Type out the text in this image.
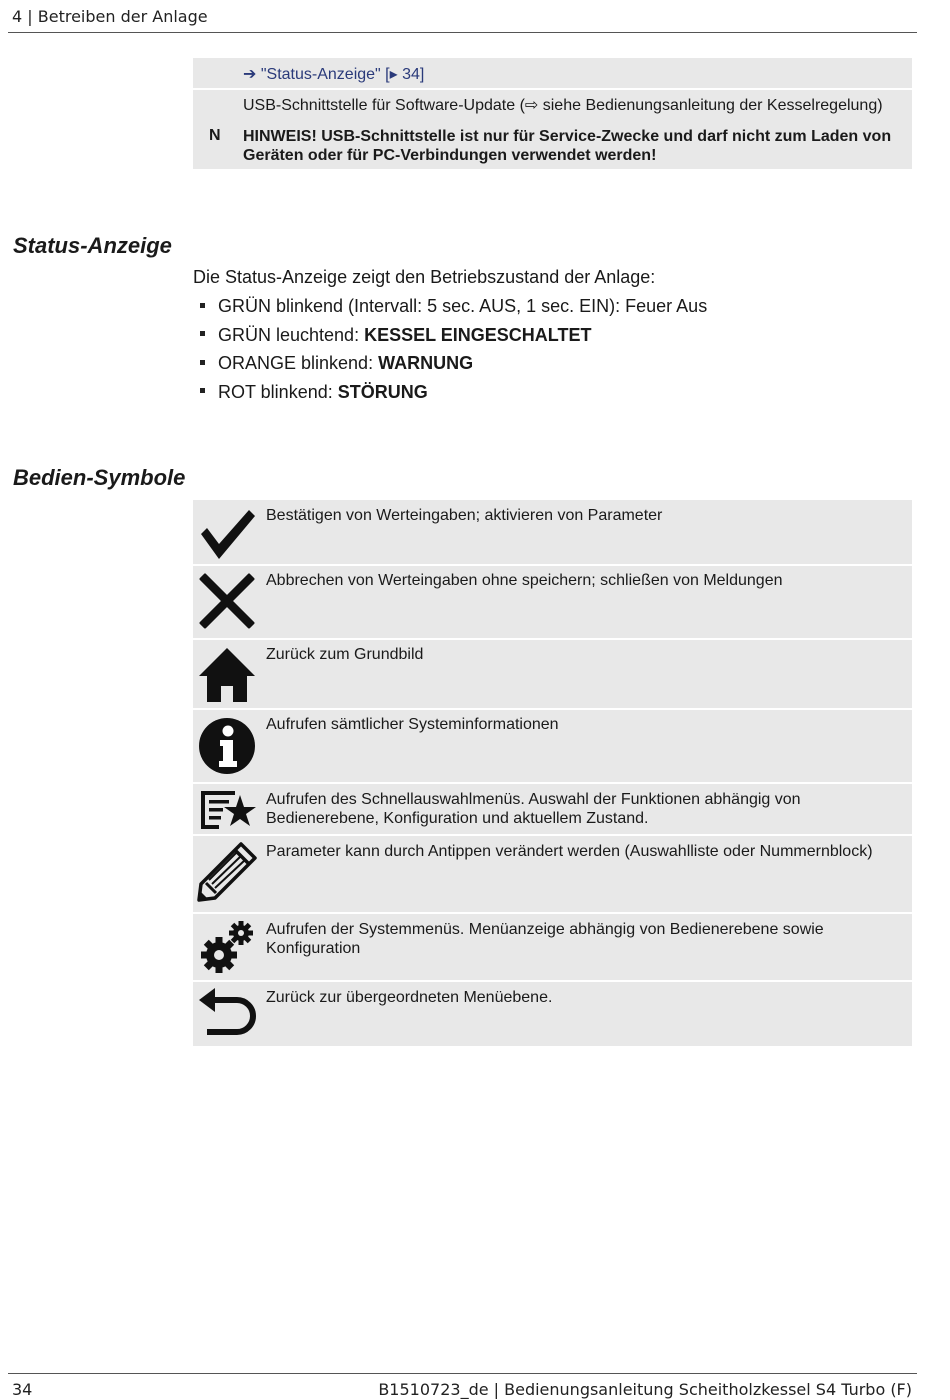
4 | Betreiben der Anlage
➔ "Status-Anzeige" [▸ 34]
N
USB-Schnittstelle für Software-Update (⇨ siehe Bedienungsanleitung der Kesselregelung)
HINWEIS! USB-Schnittstelle ist nur für Service-Zwecke und darf nicht zum Laden von Geräten oder für PC-Verbindungen verwendet werden!
Status-Anzeige
Die Status-Anzeige zeigt den Betriebszustand der Anlage:
GRÜN blinkend (Intervall: 5 sec. AUS, 1 sec. EIN): Feuer Aus
GRÜN leuchtend: KESSEL EINGESCHALTET
ORANGE blinkend: WARNUNG
ROT blinkend: STÖRUNG
Bedien-Symbole
Bestätigen von Werteingaben; aktivieren von Parameter
Abbrechen von Werteingaben ohne speichern; schließen von Meldungen
Zurück zum Grundbild
Aufrufen sämtlicher Systeminformationen
Aufrufen des Schnellauswahlmenüs. Auswahl der Funktionen abhängig von Bedienerebene, Konfiguration und aktuellem Zustand.
Parameter kann durch Antippen verändert werden (Auswahlliste oder Nummernblock)
Aufrufen der Systemmenüs. Menüanzeige abhängig von Bedienerebene sowie Konfiguration
Zurück zur übergeordneten Menüebene.
34	B1510723_de | Bedienungsanleitung Scheitholzkessel S4 Turbo (F)
